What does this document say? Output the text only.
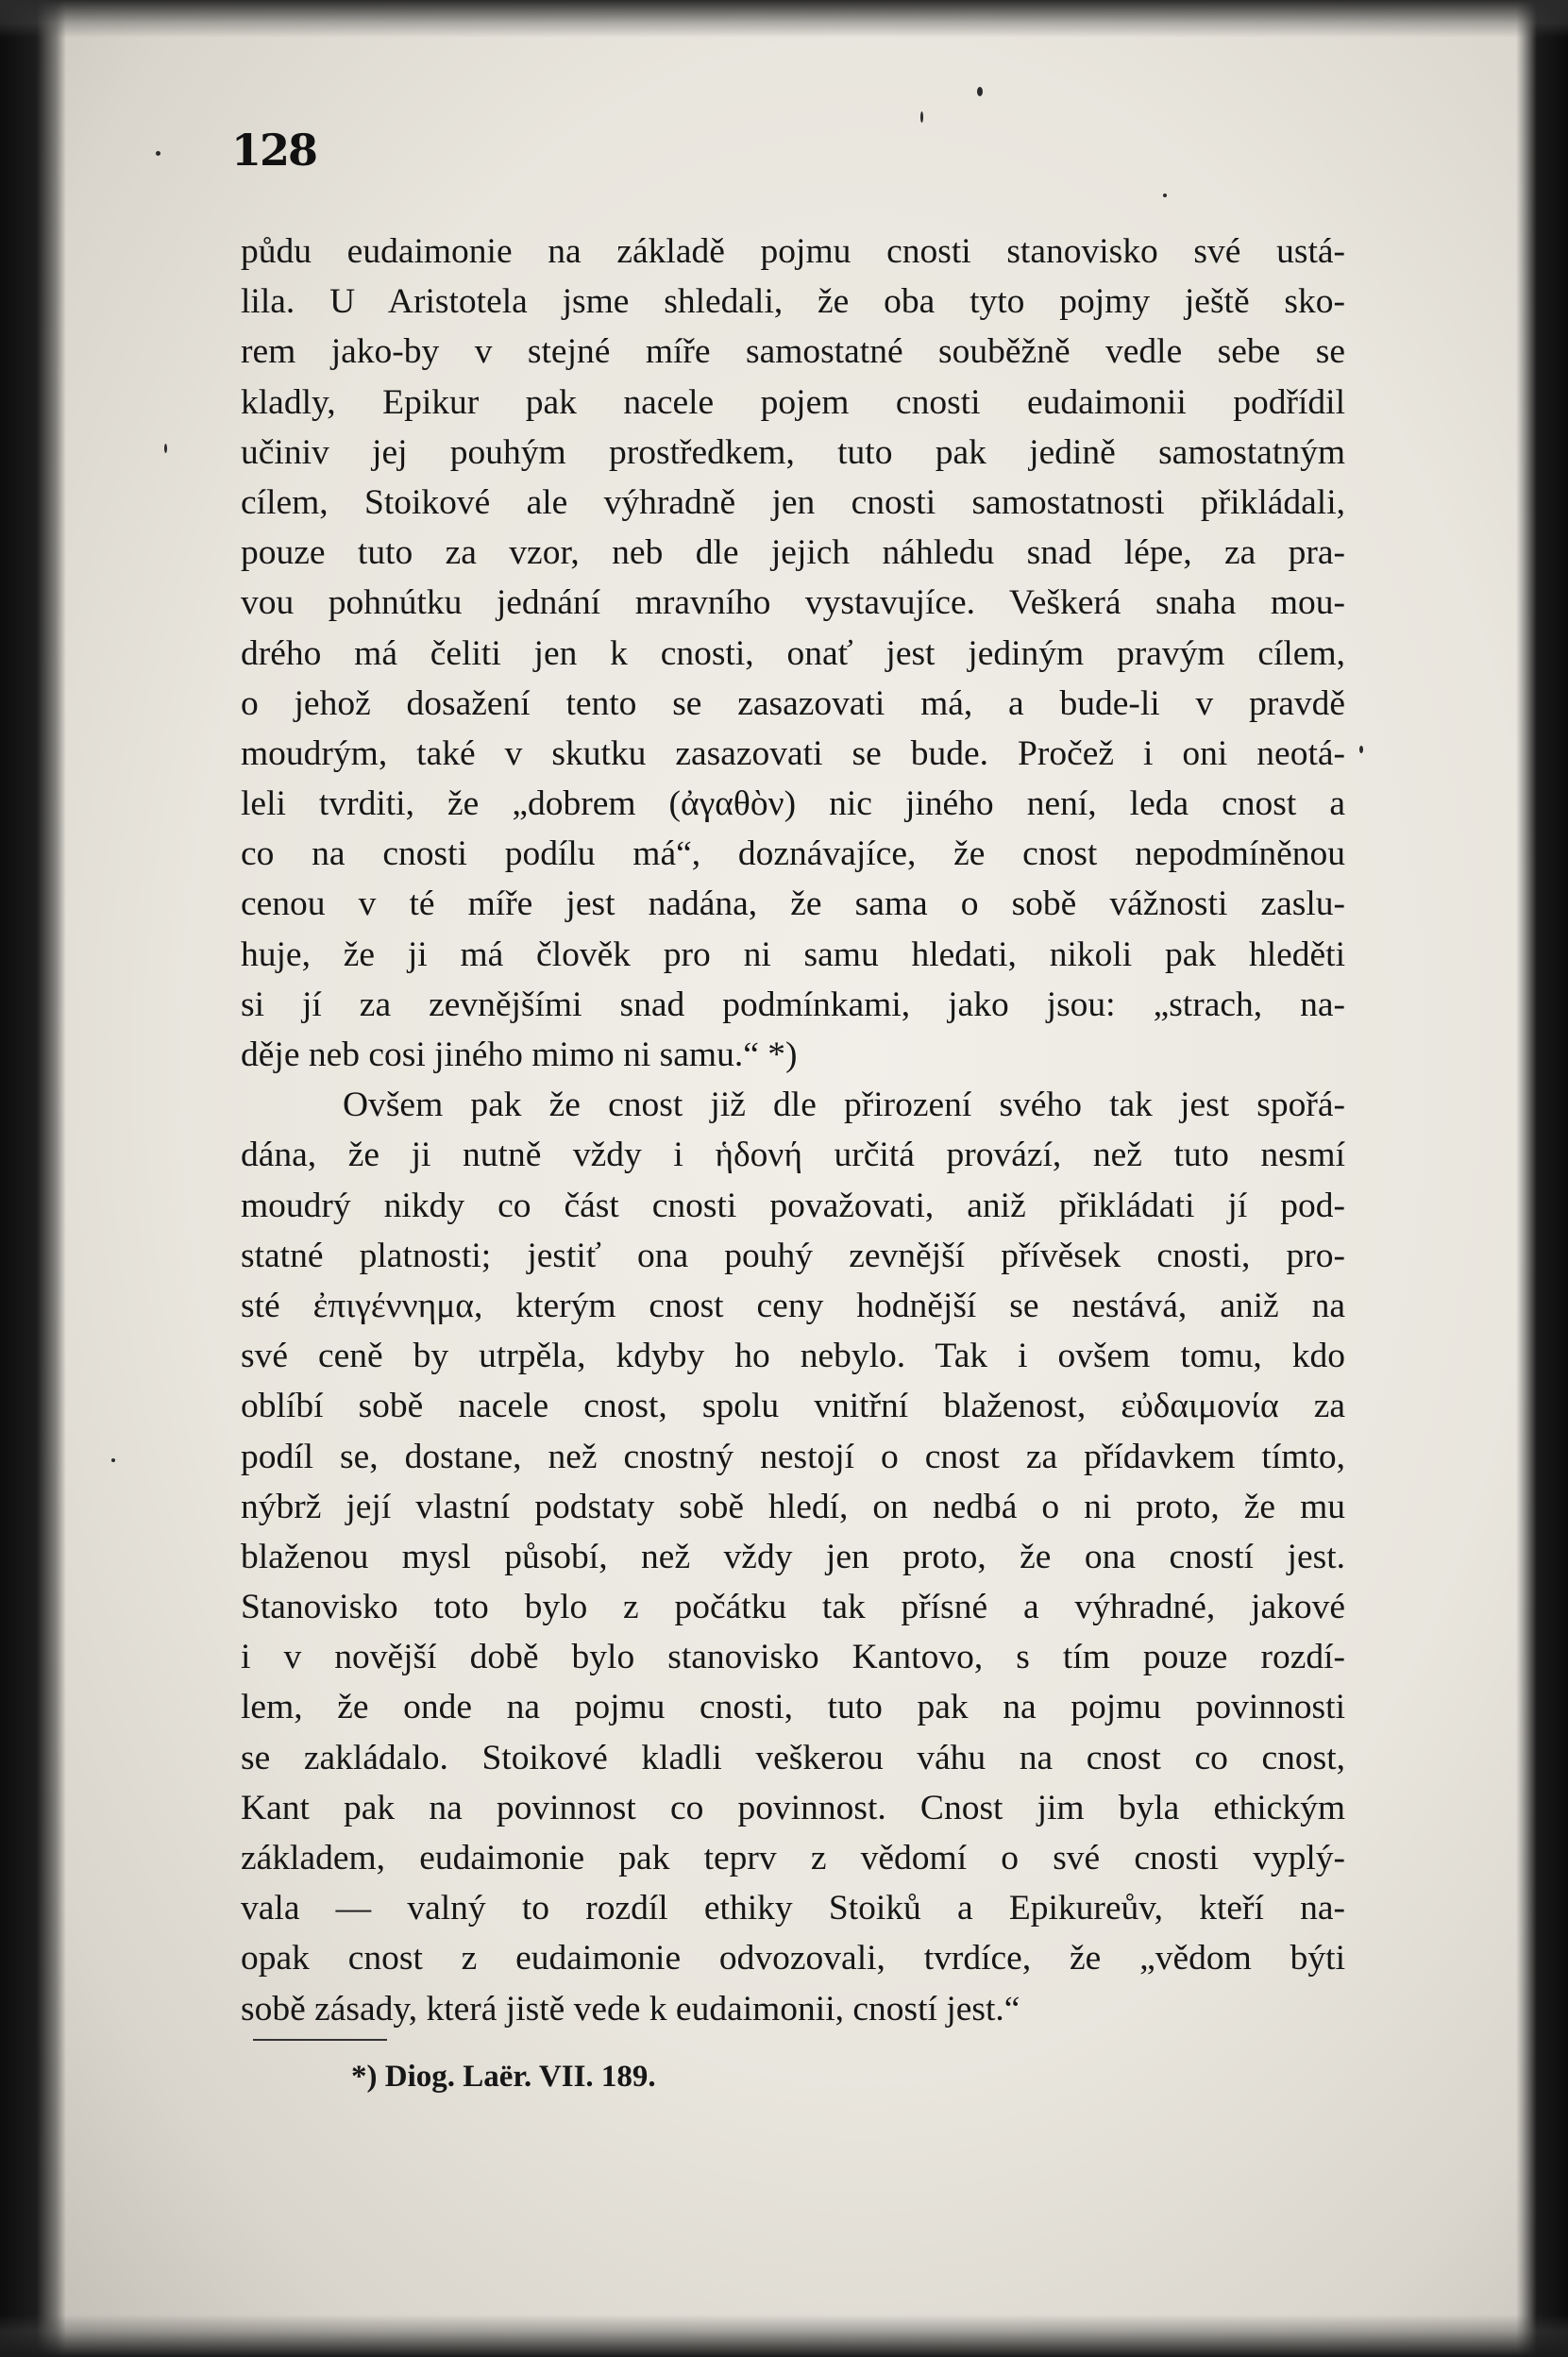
128
půdu eudaimonie na základě pojmu cnosti stanovisko své ustá-
lila. U Aristotela jsme shledali, že oba tyto pojmy ještě sko-
rem jako-by v stejné míře samostatné souběžně vedle sebe se
kladly, Epikur pak nacele pojem cnosti eudaimonii podřídil
učiniv jej pouhým prostředkem, tuto pak jedině samostatným
cílem, Stoikové ale výhradně jen cnosti samostatnosti přikládali,
pouze tuto za vzor, neb dle jejich náhledu snad lépe, za pra-
vou pohnútku jednání mravního vystavujíce. Veškerá snaha mou-
drého má čeliti jen k cnosti, onať jest jediným pravým cílem,
o jehož dosažení tento se zasazovati má, a bude-li v pravdě
moudrým, také v skutku zasazovati se bude. Pročež i oni neotá-
leli tvrditi, že „dobrem (ἀγαθὸν) nic jiného není, leda cnost a
co na cnosti podílu má“, doznávajíce, že cnost nepodmíněnou
cenou v té míře jest nadána, že sama o sobě vážnosti zaslu-
huje, že ji má člověk pro ni samu hledati, nikoli pak hleděti
si jí za zevnějšími snad podmínkami, jako jsou: „strach, na-
děje neb cosi jiného mimo ni samu.“ *)
Ovšem pak že cnost již dle přirození svého tak jest spořá-
dána, že ji nutně vždy i ἡδονή určitá provází, než tuto nesmí
moudrý nikdy co část cnosti považovati, aniž přikládati jí pod-
statné platnosti; jestiť ona pouhý zevnější přívěsek cnosti, pro-
sté ἐπιγέννημα, kterým cnost ceny hodnější se nestává, aniž na
své ceně by utrpěla, kdyby ho nebylo. Tak i ovšem tomu, kdo
oblíbí sobě nacele cnost, spolu vnitřní blaženost, εὐδαιμονία za
podíl se, dostane, než cnostný nestojí o cnost za přídavkem tímto,
nýbrž její vlastní podstaty sobě hledí, on nedbá o ni proto, že mu
blaženou mysl působí, než vždy jen proto, že ona cností jest.
Stanovisko toto bylo z počátku tak přísné a výhradné, jakové
i v novější době bylo stanovisko Kantovo, s tím pouze rozdí-
lem, že onde na pojmu cnosti, tuto pak na pojmu povinnosti
se zakládalo. Stoikové kladli veškerou váhu na cnost co cnost,
Kant pak na povinnost co povinnost. Cnost jim byla ethickým
základem, eudaimonie pak teprv z vědomí o své cnosti vyplý-
vala — valný to rozdíl ethiky Stoiků a Epikureův, kteří na-
opak cnost z eudaimonie odvozovali, tvrdíce, že „vědom býti
sobě zásady, která jistě vede k eudaimonii, cností jest.“
*) Diog. Laër. VII. 189.
